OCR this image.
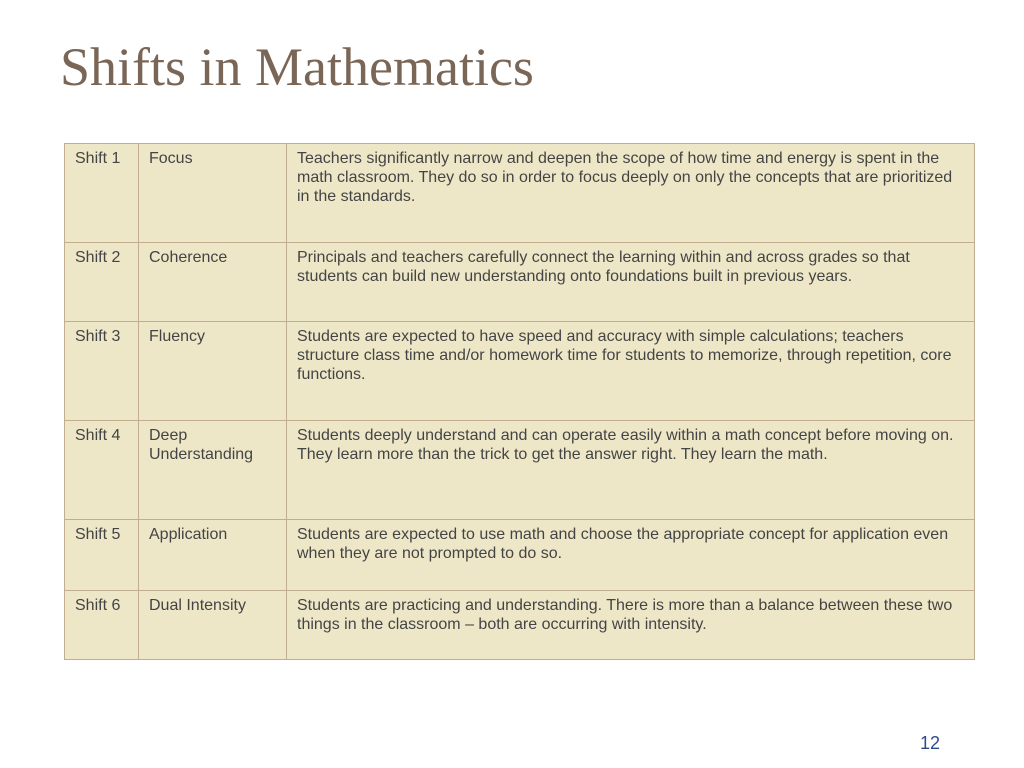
Shifts in Mathematics
Shift 1	Focus	Teachers significantly narrow and deepen the scope of how time and energy is spent in the math classroom. They do so in order to focus deeply on only the concepts that are prioritized in the standards.
Shift 2	Coherence	Principals and teachers carefully connect the learning within and across grades so that students can build new understanding onto foundations built in previous years.
Shift 3	Fluency	Students are expected to have speed and accuracy with simple calculations; teachers structure class time and/or homework time for students to memorize, through repetition, core functions.
Shift 4	Deep Understanding	Students deeply understand and can operate easily within a math concept before moving on. They learn more than the trick to get the answer right. They learn the math.
Shift 5	Application	Students are expected to use math and choose the appropriate concept for application even when they are not prompted to do so.
Shift 6	Dual Intensity	Students are practicing and understanding. There is more than a balance between these two things in the classroom – both are occurring with intensity.
12
